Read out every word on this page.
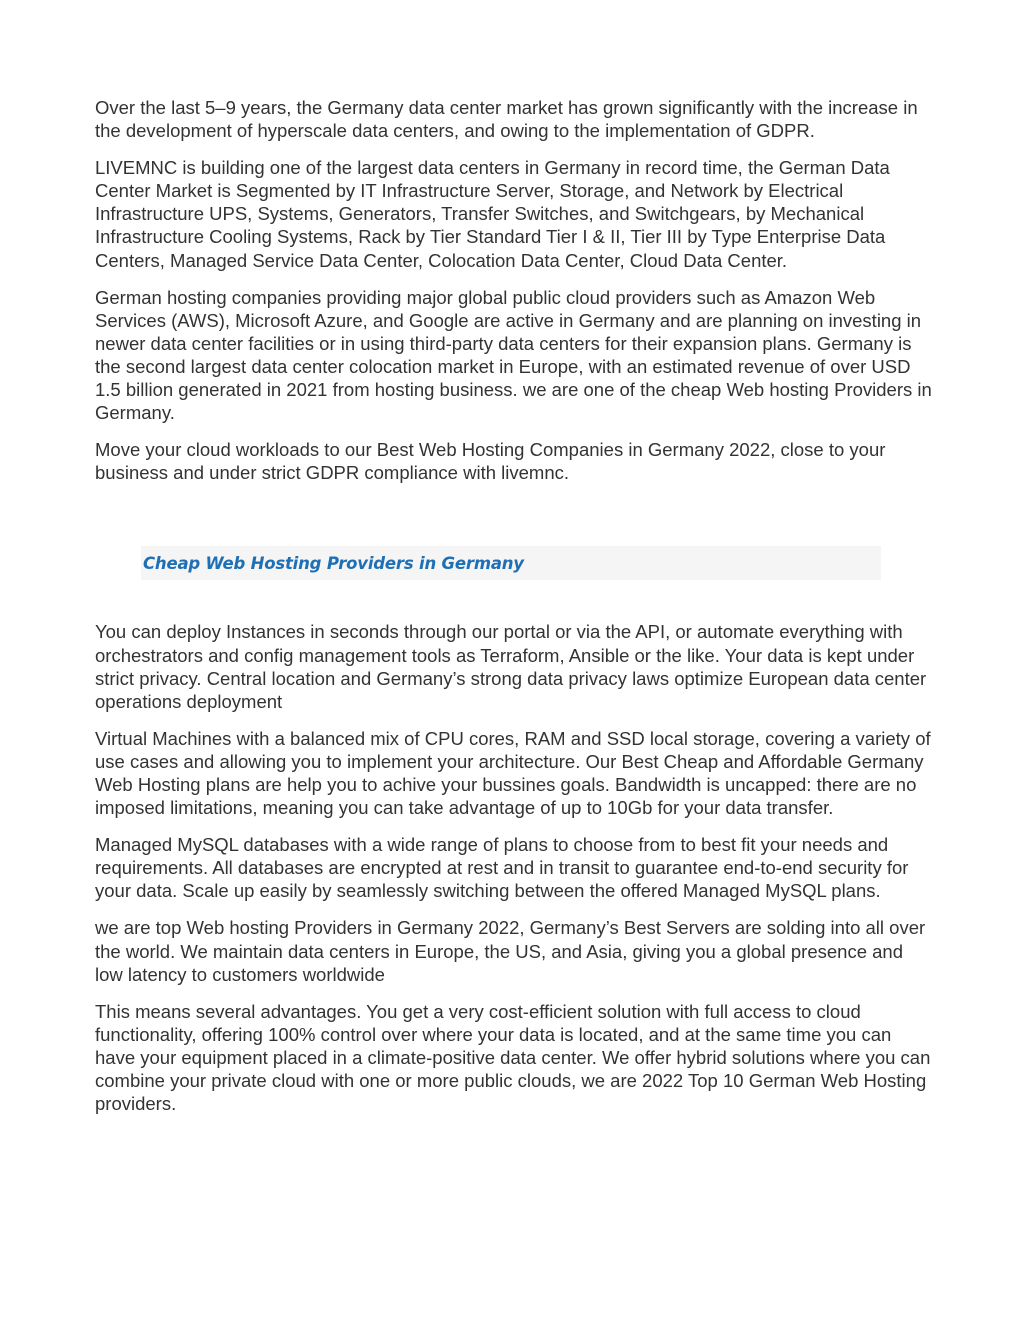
Over the last 5–9 years, the Germany data center market has grown significantly with the increase in the development of hyperscale data centers, and owing to the implementation of GDPR.

LIVEMNC is building one of the largest data centers in Germany in record time, the German Data Center Market is Segmented by IT Infrastructure Server, Storage, and Network by Electrical Infrastructure UPS, Systems, Generators, Transfer Switches, and Switchgears, by Mechanical Infrastructure Cooling Systems, Rack by Tier Standard Tier I & II, Tier III by Type Enterprise Data Centers, Managed Service Data Center, Colocation Data Center, Cloud Data Center.

German hosting companies providing major global public cloud providers such as Amazon Web Services (AWS), Microsoft Azure, and Google are active in Germany and are planning on investing in newer data center facilities or in using third-party data centers for their expansion plans. Germany is the second largest data center colocation market in Europe, with an estimated revenue of over USD 1.5 billion generated in 2021 from hosting business. we are one of the cheap Web hosting Providers in Germany.

Move your cloud workloads to our Best Web Hosting Companies in Germany 2022, close to your business and under strict GDPR compliance with livemnc.

Cheap Web Hosting Providers in Germany

You can deploy Instances in seconds through our portal or via the API, or automate everything with orchestrators and config management tools as Terraform, Ansible or the like. Your data is kept under strict privacy. Central location and Germany’s strong data privacy laws optimize European data center operations deployment

Virtual Machines with a balanced mix of CPU cores, RAM and SSD local storage, covering a variety of use cases and allowing you to implement your architecture. Our Best Cheap and Affordable Germany Web Hosting plans are help you to achive your bussines goals. Bandwidth is uncapped: there are no imposed limitations, meaning you can take advantage of up to 10Gb for your data transfer.

Managed MySQL databases with a wide range of plans to choose from to best fit your needs and requirements. All databases are encrypted at rest and in transit to guarantee end-to-end security for your data. Scale up easily by seamlessly switching between the offered Managed MySQL plans.

we are top Web hosting Providers in Germany 2022, Germany’s Best Servers are solding into all over the world. We maintain data centers in Europe, the US, and Asia, giving you a global presence and low latency to customers worldwide

This means several advantages. You get a very cost-efficient solution with full access to cloud functionality, offering 100% control over where your data is located, and at the same time you can have your equipment placed in a climate-positive data center. We offer hybrid solutions where you can combine your private cloud with one or more public clouds, we are 2022 Top 10 German Web Hosting providers.
